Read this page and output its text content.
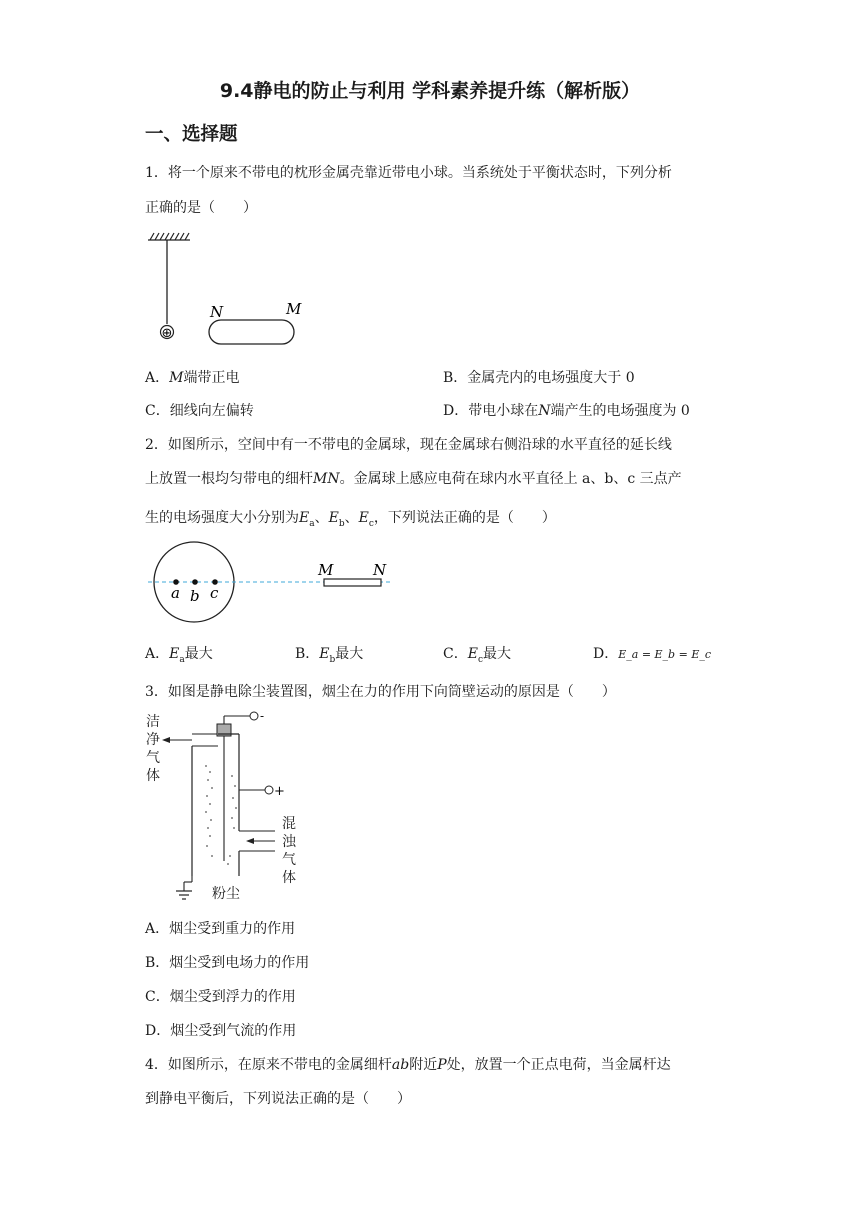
9.4静电的防止与利用 学科素养提升练（解析版）
一、选择题
1．将一个原来不带电的枕形金属壳靠近带电小球。当系统处于平衡状态时，下列分析
正确的是（　　）
⊕
N	M
A．M端带正电	B．金属壳内的电场强度大于 0
C．细线向左偏转	D．带电小球在N端产生的电场强度为 0
2．如图所示，空间中有一不带电的金属球，现在金属球右侧沿球的水平直径的延长线
上放置一根均匀带电的细杆MN。金属球上感应电荷在球内水平直径上 a、b、c 三点产
生的电场强度大小分别为$E_a$、$E_b$、$E_c$，下列说法正确的是（　　）
a b c
M	N
A．$E_a$最大	B．$E_b$最大	C．$E_c$最大	D．E_a = E_b = E_c
3．如图是静电除尘装置图，烟尘在力的作用下向筒壁运动的原因是（　　）
洁
净
气
体
-
+
混
浊
气
体
粉尘
A．烟尘受到重力的作用
B．烟尘受到电场力的作用
C．烟尘受到浮力的作用
D．烟尘受到气流的作用
4．如图所示，在原来不带电的金属细杆ab附近P处，放置一个正点电荷，当金属杆达
到静电平衡后，下列说法正确的是（　　）
